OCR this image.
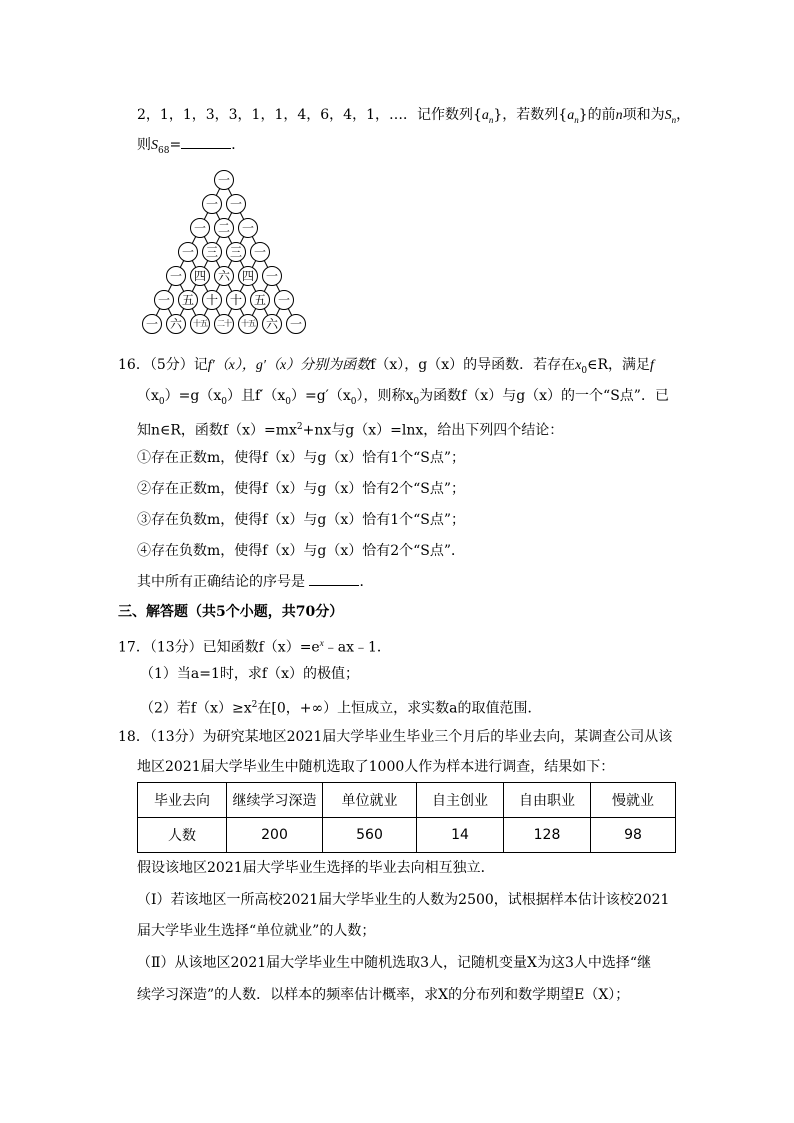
2，1，1，3，3，1，1，4，6，4，1，…．记作数列$\{a_n\}$，若数列$\{a_n\}$的前n项和为$S_n$，
则$S_{68}=$	．
一
一 一
一 二 一
一 三 三 一
一 四 六 四 一
一 五 十 十 五 一
一 六	十五	二十	十五 六 一
16．（5分）记f′（x），g′（x）分别为函数f（x），g（x）的导函数．若存在$x_0\in R$，满足f
$(x_0)=g(x_0)$且$f'(x_0)=g'(x_0)$，则称$x_0$为函数f（x）与g（x）的一个“S点”．已
知n∈R，函数$f(x)=mx^2+nx$与g（x）=lnx，给出下列四个结论：
①存在正数m，使得f（x）与g（x）恰有1个“S点”；
②存在正数m，使得f（x）与g（x）恰有2个“S点”；
③存在负数m，使得f（x）与g（x）恰有1个“S点”；
④存在负数m，使得f（x）与g（x）恰有2个“S点”．
其中所有正确结论的序号是	．
三、解答题（共5个小题，共70分）
17．（13分）已知函数$f(x)=e^x﹣ax﹣1$．
（1）当a=1时，求f（x）的极值；
（2）若$f(x)\ge x^2$在[0，+∞）上恒成立，求实数a的取值范围．
18．（13分）为研究某地区2021届大学毕业生毕业三个月后的毕业去向，某调查公司从该
地区2021届大学毕业生中随机选取了1000人作为样本进行调查，结果如下：
毕业去向	继续学习深造	单位就业	自主创业	自由职业	慢就业
人数	200	560	14	128	98
假设该地区2021届大学毕业生选择的毕业去向相互独立．
（Ⅰ）若该地区一所高校2021届大学毕业生的人数为2500，试根据样本估计该校2021
届大学毕业生选择“单位就业”的人数；
（Ⅱ）从该地区2021届大学毕业生中随机选取3人，记随机变量X为这3人中选择“继
续学习深造”的人数．以样本的频率估计概率，求X的分布列和数学期望E（X）；
